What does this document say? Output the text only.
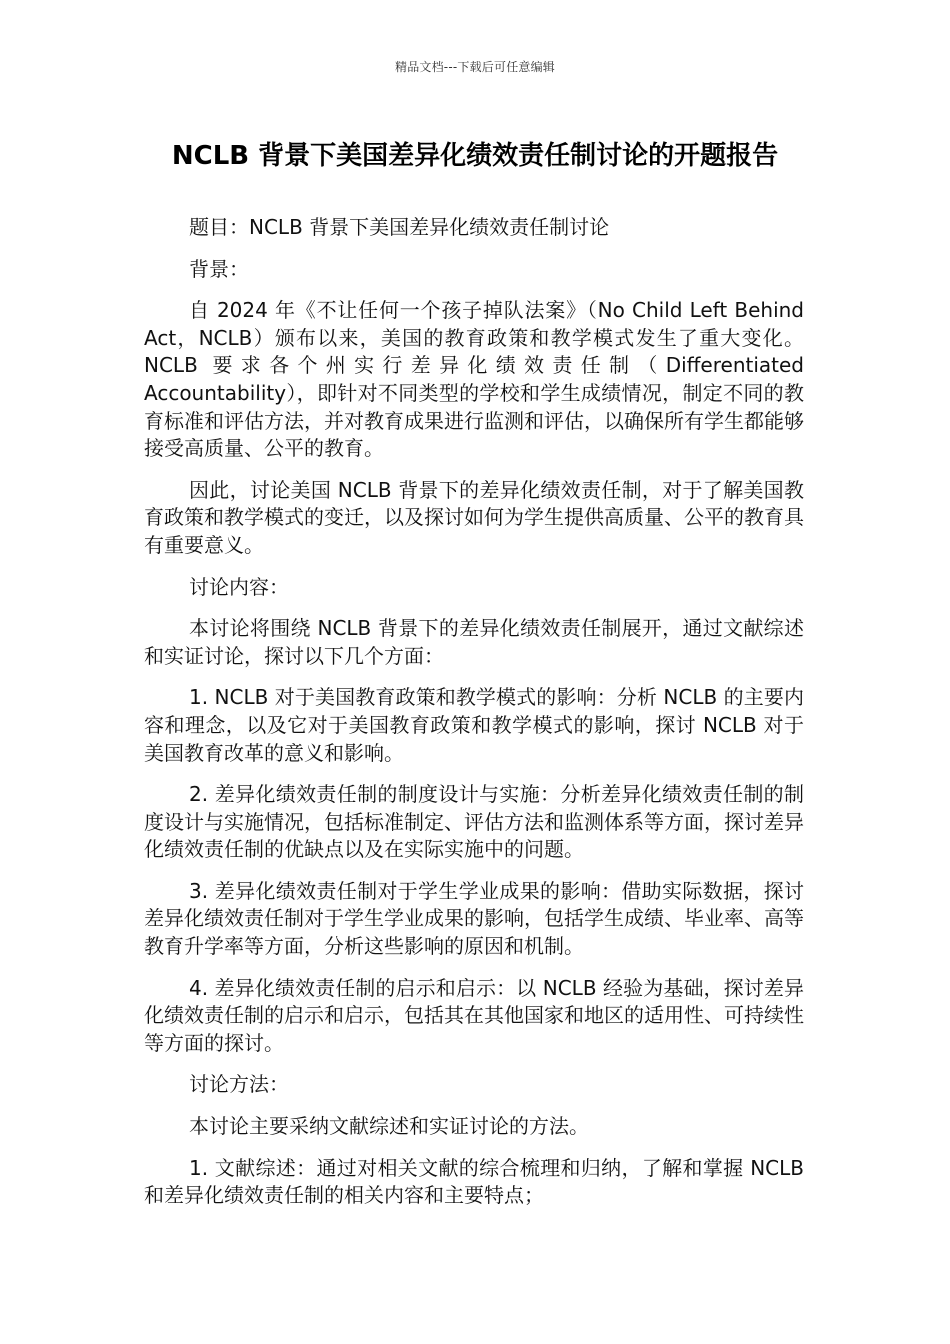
精品文档---下载后可任意编辑
NCLB 背景下美国差异化绩效责任制讨论的开题报告

题目：NCLB 背景下美国差异化绩效责任制讨论

背景：

自 2024 年《不让任何一个孩子掉队法案》（No Child Left Behind Act，NCLB）颁布以来，美国的教育政策和教学模式发生了重大变化。NCLB 要求各个州实行差异化绩效责任制（Differentiated Accountability），即针对不同类型的学校和学生成绩情况，制定不同的教育标准和评估方法，并对教育成果进行监测和评估，以确保所有学生都能够接受高质量、公平的教育。

因此，讨论美国 NCLB 背景下的差异化绩效责任制，对于了解美国教育政策和教学模式的变迁，以及探讨如何为学生提供高质量、公平的教育具有重要意义。

讨论内容：

本讨论将围绕 NCLB 背景下的差异化绩效责任制展开，通过文献综述和实证讨论，探讨以下几个方面：

1. NCLB 对于美国教育政策和教学模式的影响：分析 NCLB 的主要内容和理念，以及它对于美国教育政策和教学模式的影响，探讨 NCLB 对于美国教育改革的意义和影响。

2. 差异化绩效责任制的制度设计与实施：分析差异化绩效责任制的制度设计与实施情况，包括标准制定、评估方法和监测体系等方面，探讨差异化绩效责任制的优缺点以及在实际实施中的问题。

3. 差异化绩效责任制对于学生学业成果的影响：借助实际数据，探讨差异化绩效责任制对于学生学业成果的影响，包括学生成绩、毕业率、高等教育升学率等方面，分析这些影响的原因和机制。

4. 差异化绩效责任制的启示和启示：以 NCLB 经验为基础，探讨差异化绩效责任制的启示和启示，包括其在其他国家和地区的适用性、可持续性等方面的探讨。

讨论方法：

本讨论主要采纳文献综述和实证讨论的方法。

1. 文献综述：通过对相关文献的综合梳理和归纳，了解和掌握 NCLB 和差异化绩效责任制的相关内容和主要特点；
